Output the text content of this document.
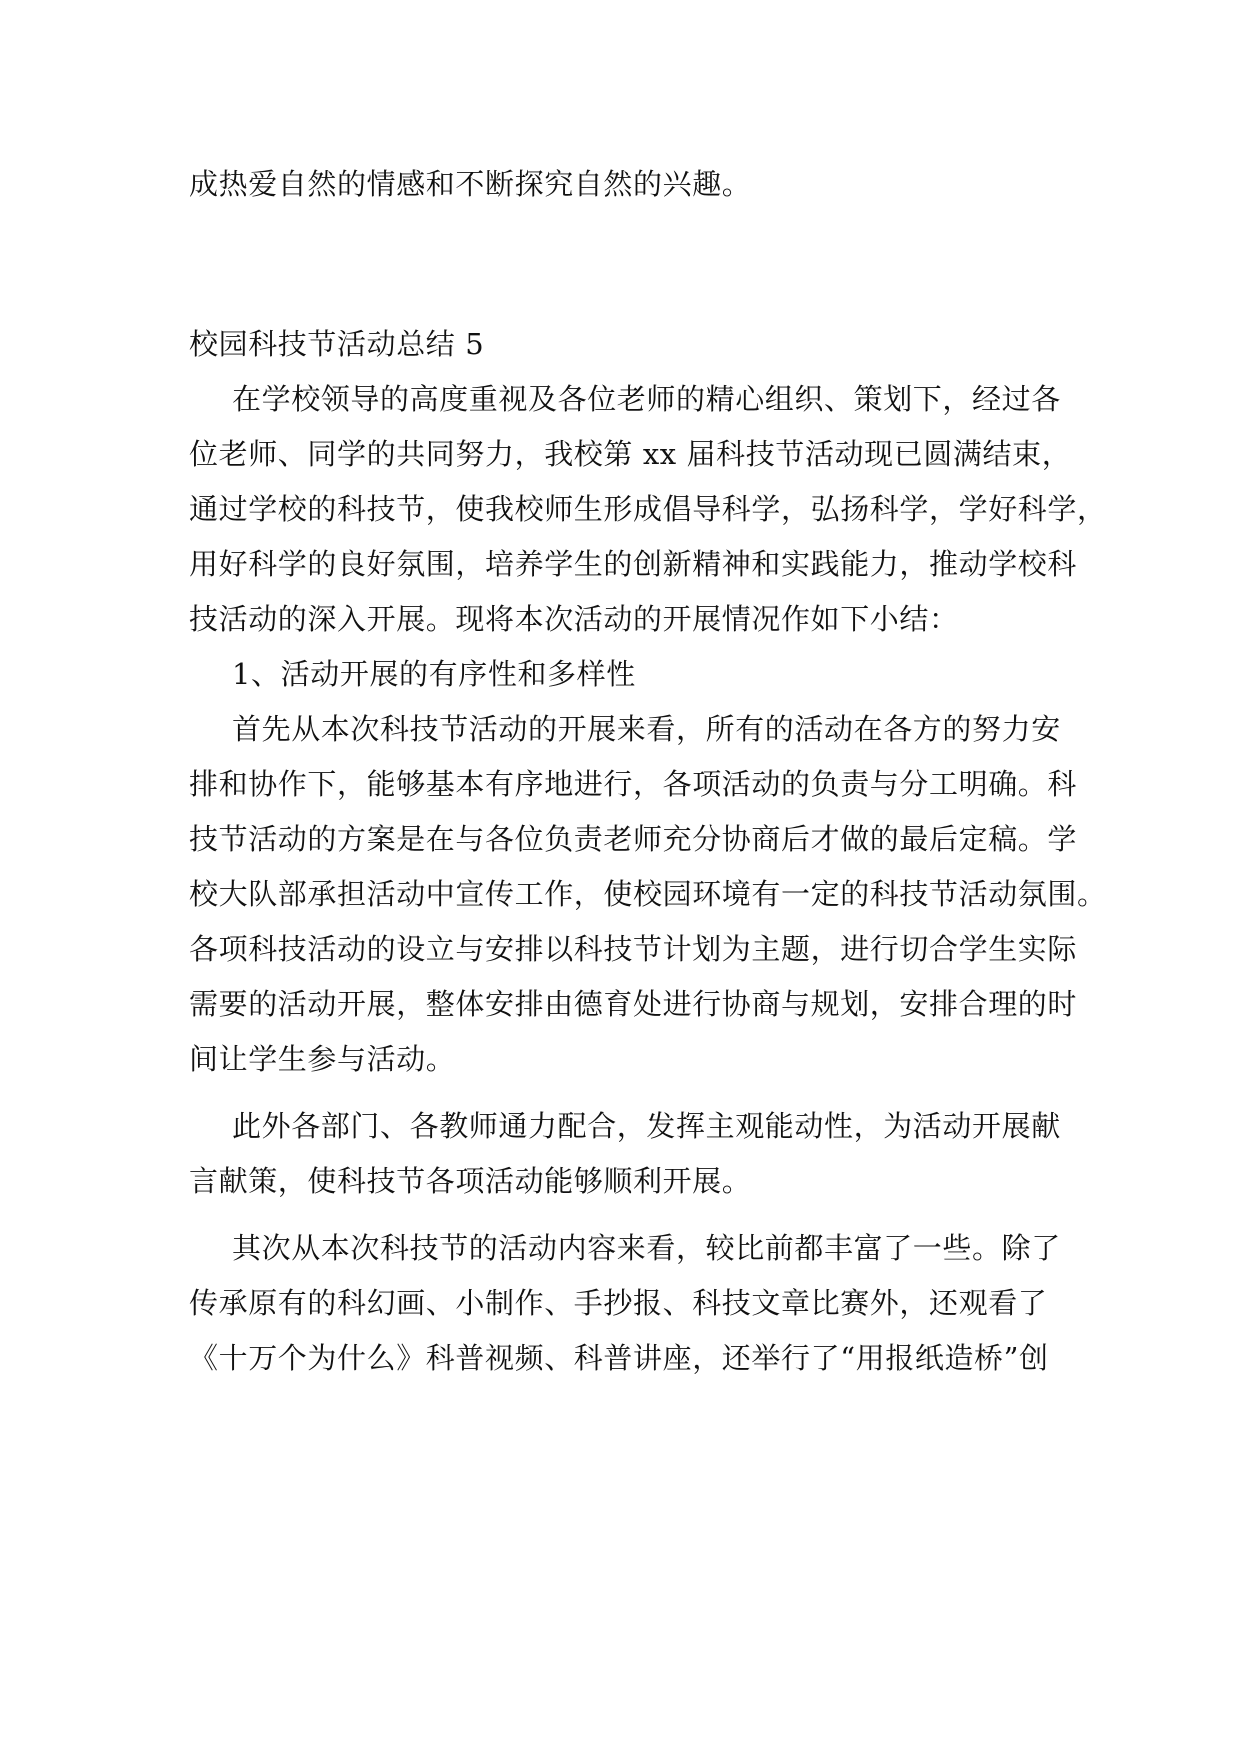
成热爱自然的情感和不断探究自然的兴趣。
校园科技节活动总结 5
在学校领导的高度重视及各位老师的精心组织、策划下，经过各
位老师、同学的共同努力，我校第 xx 届科技节活动现已圆满结束，
通过学校的科技节，使我校师生形成倡导科学，弘扬科学，学好科学，
用好科学的良好氛围，培养学生的创新精神和实践能力，推动学校科
技活动的深入开展。现将本次活动的开展情况作如下小结：
1、活动开展的有序性和多样性
首先从本次科技节活动的开展来看，所有的活动在各方的努力安
排和协作下，能够基本有序地进行，各项活动的负责与分工明确。科
技节活动的方案是在与各位负责老师充分协商后才做的最后定稿。学
校大队部承担活动中宣传工作，使校园环境有一定的科技节活动氛围。
各项科技活动的设立与安排以科技节计划为主题，进行切合学生实际
需要的活动开展，整体安排由德育处进行协商与规划，安排合理的时
间让学生参与活动。
此外各部门、各教师通力配合，发挥主观能动性，为活动开展献
言献策，使科技节各项活动能够顺利开展。
其次从本次科技节的活动内容来看，较比前都丰富了一些。除了
传承原有的科幻画、小制作、手抄报、科技文章比赛外，还观看了
《十万个为什么》科普视频、科普讲座，还举行了“用报纸造桥”创
